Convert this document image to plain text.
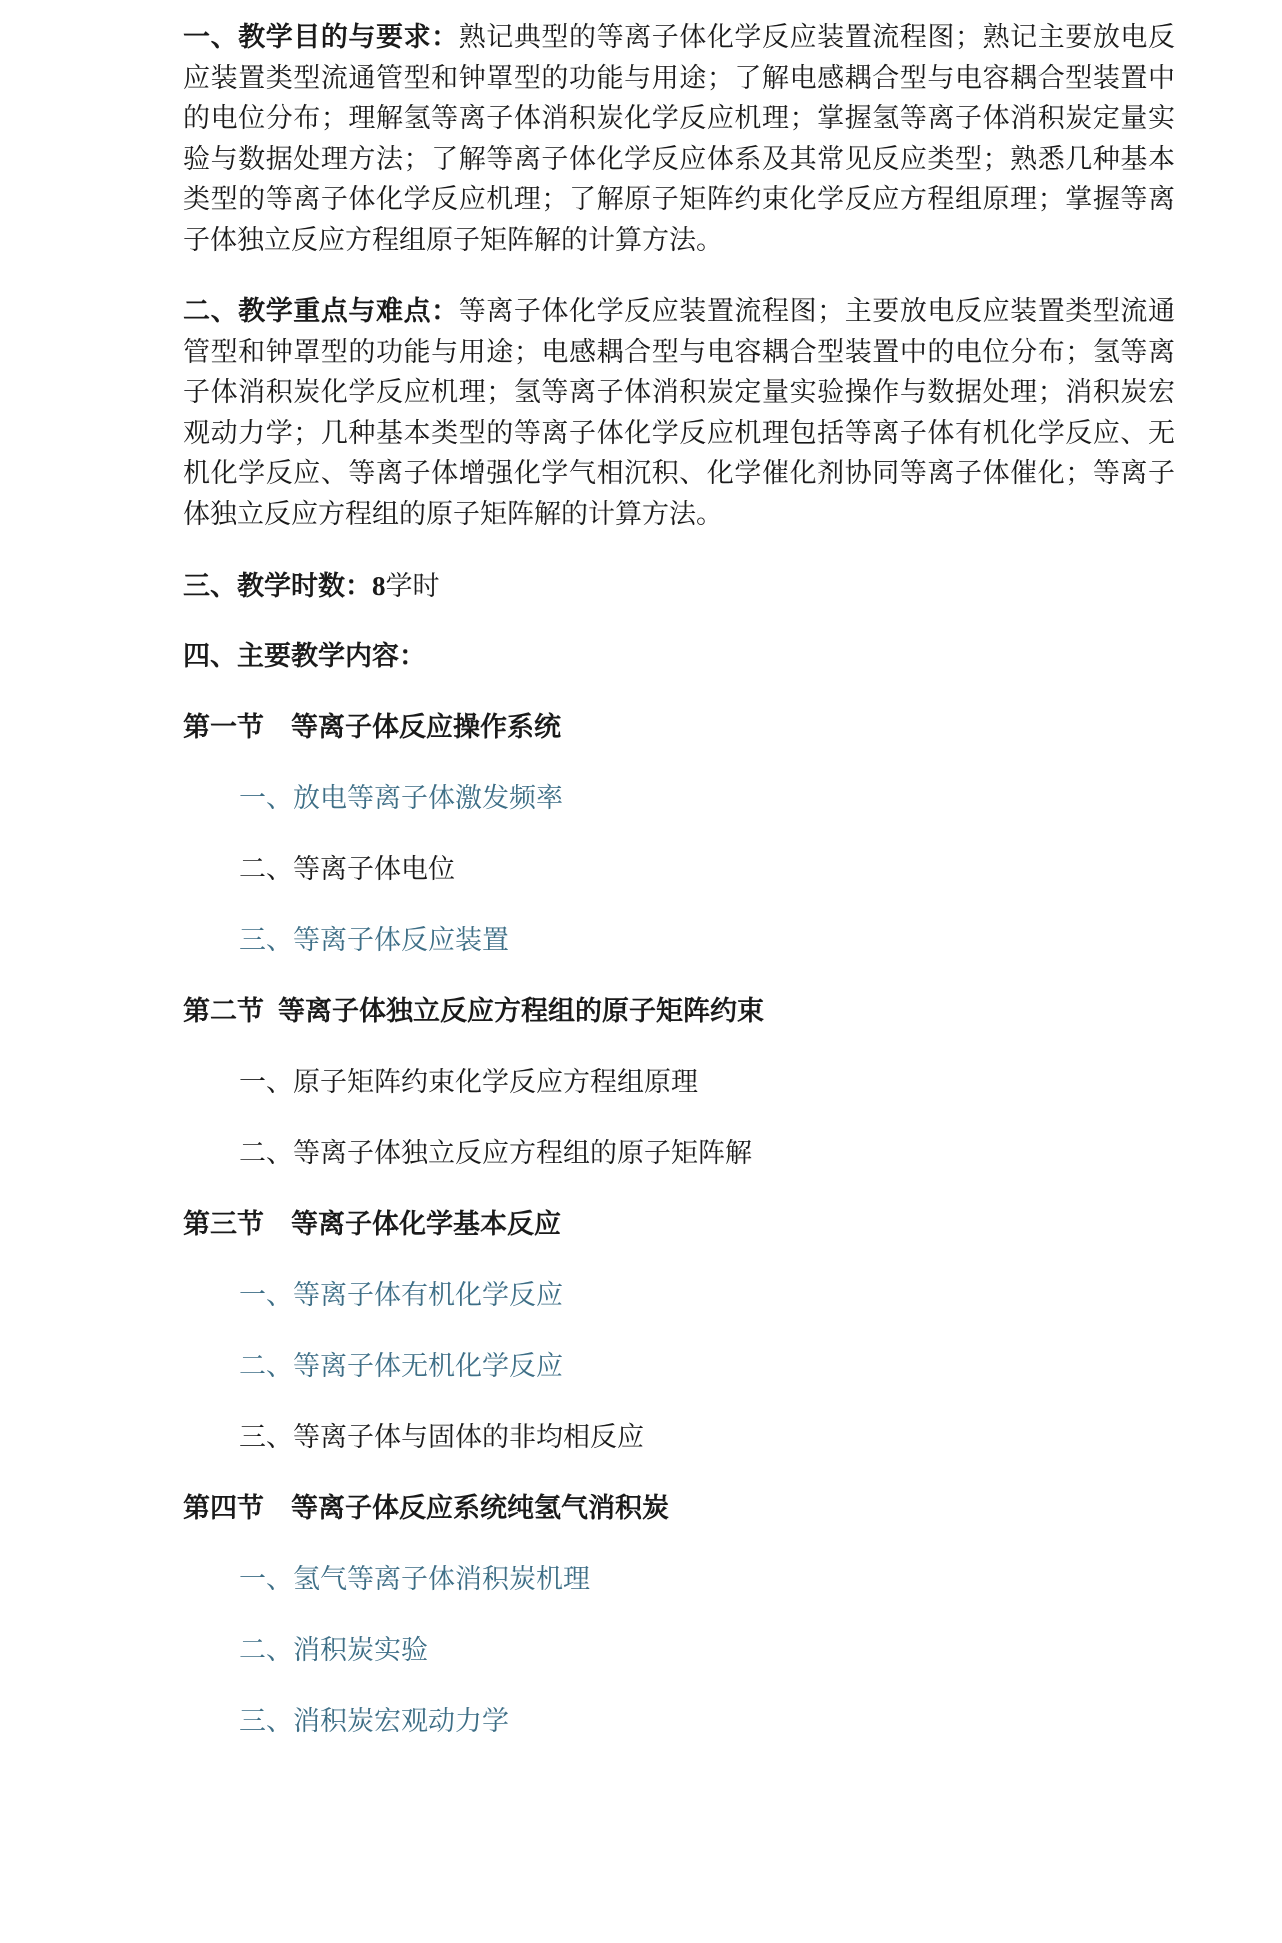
一、教学目的与要求：熟记典型的等离子体化学反应装置流程图；熟记主要放电反应装置类型流通管型和钟罩型的功能与用途；了解电感耦合型与电容耦合型装置中的电位分布；理解氢等离子体消积炭化学反应机理；掌握氢等离子体消积炭定量实验与数据处理方法；了解等离子体化学反应体系及其常见反应类型；熟悉几种基本类型的等离子体化学反应机理；了解原子矩阵约束化学反应方程组原理；掌握等离子体独立反应方程组原子矩阵解的计算方法。

二、教学重点与难点：等离子体化学反应装置流程图；主要放电反应装置类型流通管型和钟罩型的功能与用途；电感耦合型与电容耦合型装置中的电位分布；氢等离子体消积炭化学反应机理；氢等离子体消积炭定量实验操作与数据处理；消积炭宏观动力学；几种基本类型的等离子体化学反应机理包括等离子体有机化学反应、无机化学反应、等离子体增强化学气相沉积、化学催化剂协同等离子体催化；等离子体独立反应方程组的原子矩阵解的计算方法。

三、教学时数：8学时

四、主要教学内容：

第一节 等离子体反应操作系统

一、放电等离子体激发频率

二、等离子体电位

三、等离子体反应装置

第二节 等离子体独立反应方程组的原子矩阵约束

一、原子矩阵约束化学反应方程组原理

二、等离子体独立反应方程组的原子矩阵解

第三节 等离子体化学基本反应

一、等离子体有机化学反应

二、等离子体无机化学反应

三、等离子体与固体的非均相反应

第四节 等离子体反应系统纯氢气消积炭

一、氢气等离子体消积炭机理

二、消积炭实验

三、消积炭宏观动力学
